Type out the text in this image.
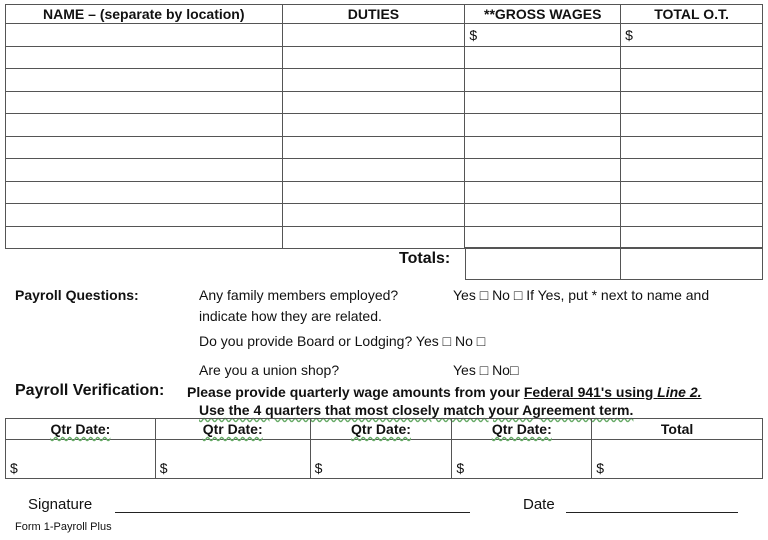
NAME – (separate by location)	DUTIES	**GROSS WAGES	TOTAL O.T.
		$	$

Totals:
Payroll Questions:	Any family members employed?	Yes □ No □ If Yes, put * next to name and
indicate how they are related.
Do you provide Board or Lodging? Yes □ No □
Are you a union shop?	Yes □ No□
Payroll Verification: Please provide quarterly wage amounts from your Federal 941's using Line 2.
Use the 4 quarters that most closely match your Agreement term.
Qtr Date:	Qtr Date:	Qtr Date:	Qtr Date:	Total
$	$	$	$	$
Signature	Date
Form 1-Payroll Plus
